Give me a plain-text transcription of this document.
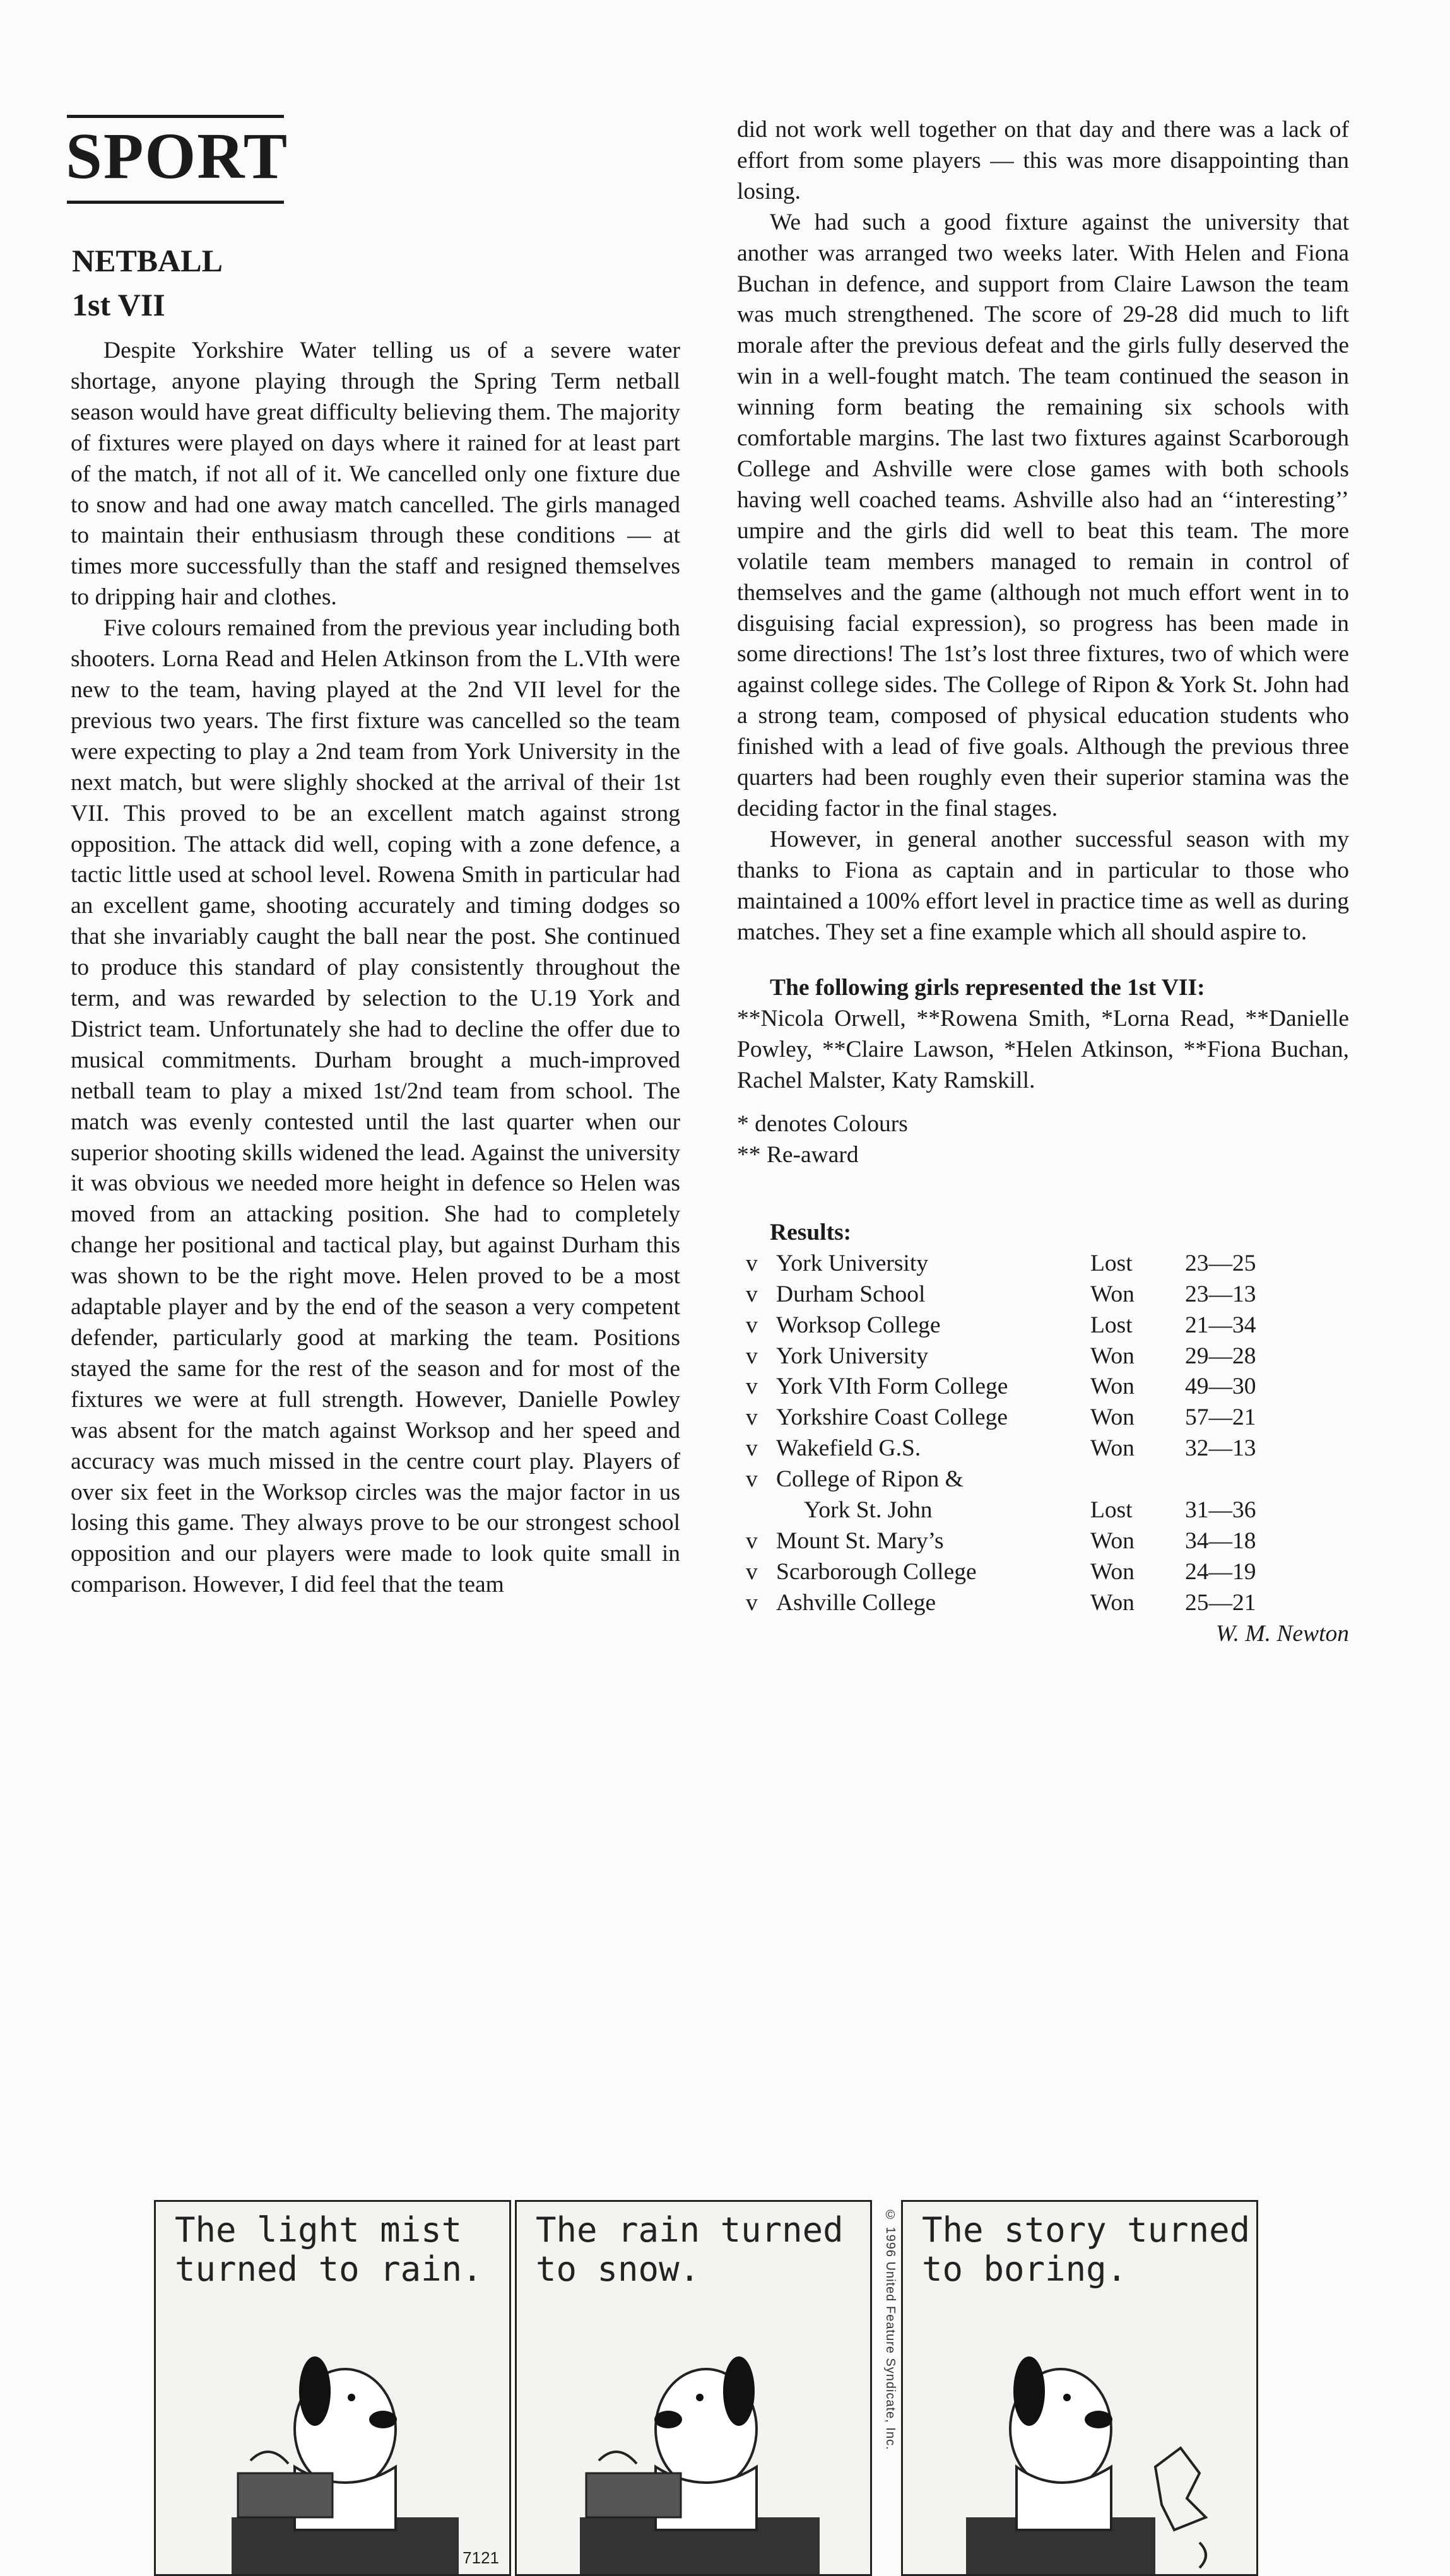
SPORT
NETBALL
1st VII

Despite Yorkshire Water telling us of a severe water shortage, anyone playing through the Spring Term netball season would have great difficulty believing them. The majority of fixtures were played on days where it rained for at least part of the match, if not all of it. We cancelled only one fixture due to snow and had one away match cancelled. The girls managed to maintain their enthusiasm through these conditions — at times more successfully than the staff and resigned themselves to dripping hair and clothes.

Five colours remained from the previous year including both shooters. Lorna Read and Helen Atkinson from the L.VIth were new to the team, having played at the 2nd VII level for the previous two years. The first fixture was cancelled so the team were expecting to play a 2nd team from York University in the next match, but were slighly shocked at the arrival of their 1st VII. This proved to be an excellent match against strong opposition. The attack did well, coping with a zone defence, a tactic little used at school level. Rowena Smith in particular had an excellent game, shooting accurately and timing dodges so that she invariably caught the ball near the post. She continued to produce this standard of play consistently throughout the term, and was rewarded by selection to the U.19 York and District team. Unfortunately she had to decline the offer due to musical commitments. Durham brought a much-improved netball team to play a mixed 1st/2nd team from school. The match was evenly contested until the last quarter when our superior shooting skills widened the lead. Against the university it was obvious we needed more height in defence so Helen was moved from an attacking position. She had to completely change her positional and tactical play, but against Durham this was shown to be the right move. Helen proved to be a most adaptable player and by the end of the season a very competent defender, particularly good at marking the team. Positions stayed the same for the rest of the season and for most of the fixtures we were at full strength. However, Danielle Powley was absent for the match against Worksop and her speed and accuracy was much missed in the centre court play. Players of over six feet in the Worksop circles was the major factor in us losing this game. They always prove to be our strongest school opposition and our players were made to look quite small in comparison. However, I did feel that the team

did not work well together on that day and there was a lack of effort from some players — this was more disappointing than losing.

We had such a good fixture against the university that another was arranged two weeks later. With Helen and Fiona Buchan in defence, and support from Claire Lawson the team was much strengthened. The score of 29-28 did much to lift morale after the previous defeat and the girls fully deserved the win in a well-fought match. The team continued the season in winning form beating the remaining six schools with comfortable margins. The last two fixtures against Scarborough College and Ashville were close games with both schools having well coached teams. Ashville also had an ‘‘interesting’’ umpire and the girls did well to beat this team. The more volatile team members managed to remain in control of themselves and the game (although not much effort went in to disguising facial expression), so progress has been made in some directions! The 1st’s lost three fixtures, two of which were against college sides. The College of Ripon & York St. John had a strong team, composed of physical education students who finished with a lead of five goals. Although the previous three quarters had been roughly even their superior stamina was the deciding factor in the final stages.

However, in general another successful season with my thanks to Fiona as captain and in particular to those who maintained a 100% effort level in practice time as well as during matches. They set a fine example which all should aspire to.

The following girls represented the 1st VII:

**Nicola Orwell, **Rowena Smith, *Lorna Read, **Danielle Powley, **Claire Lawson, *Helen Atkinson, **Fiona Buchan, Rachel Malster, Katy Ramskill.

* denotes Colours

** Re-award

Results:

v	York University	Lost	23—25
v	Durham School	Won	23—13
v	Worksop College	Lost	21—34
v	York University	Won	29—28
v	York VIth Form College	Won	49—30
v	Yorkshire Coast College	Won	57—21
v	Wakefield G.S.	Won	32—13
v	College of Ripon &		
	York St. John	Lost	31—36
v	Mount St. Mary’s	Won	34—18
v	Scarborough College	Won	24—19
v	Ashville College	Won	25—21

W. M. Newton

The light mist
turned to rain.
7121
The rain turned
to snow.	© 1996 United Feature Syndicate, Inc. The story turned
to boring.
